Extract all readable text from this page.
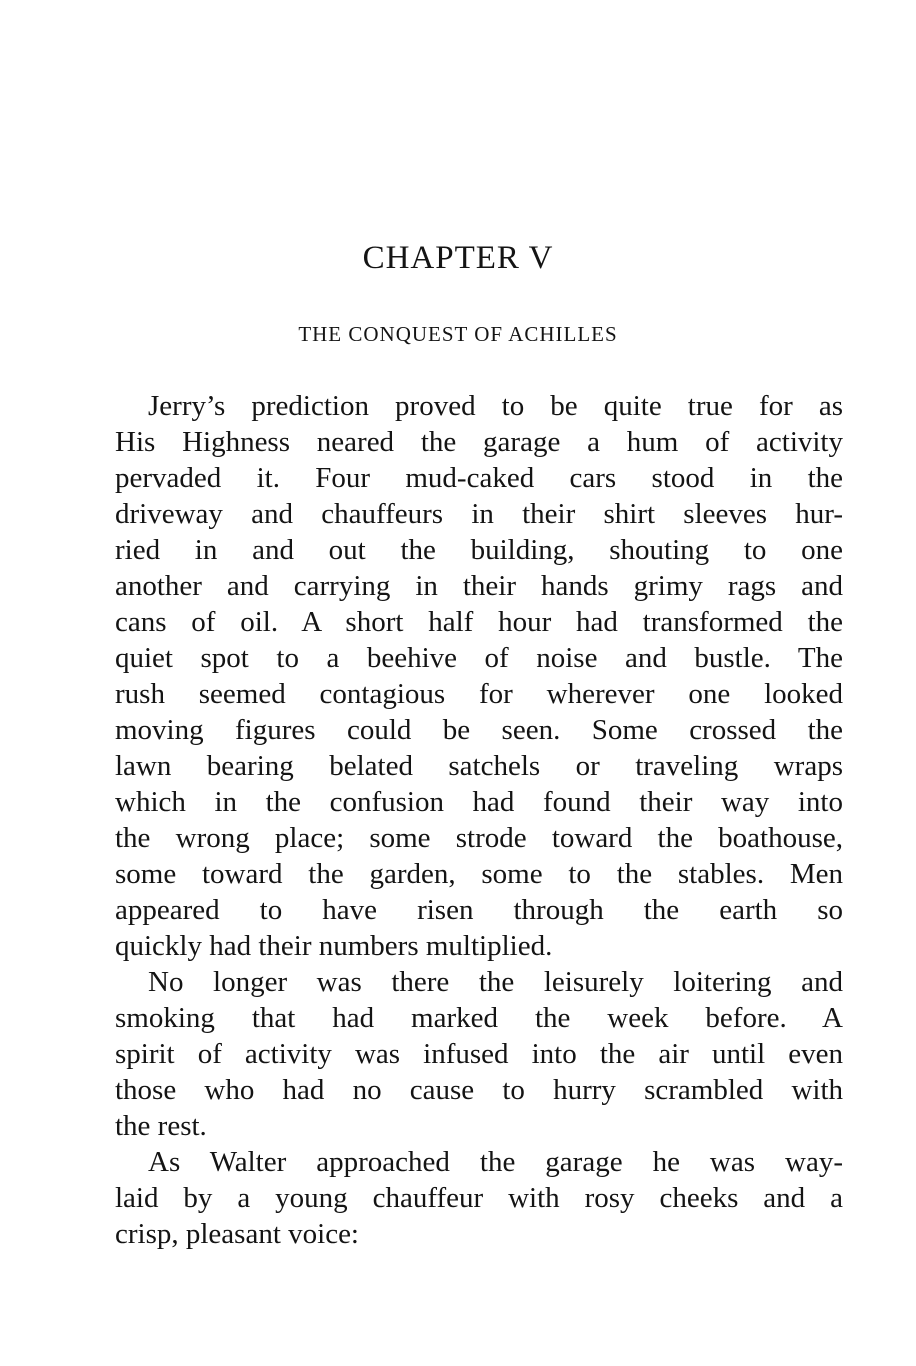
CHAPTER V
THE CONQUEST OF ACHILLES
Jerry’s prediction proved to be quite true for as
His Highness neared the garage a hum of activity
pervaded it. Four mud-caked cars stood in the
driveway and chauffeurs in their shirt sleeves hur-
ried in and out the building, shouting to one
another and carrying in their hands grimy rags and
cans of oil. A short half hour had transformed the
quiet spot to a beehive of noise and bustle. The
rush seemed contagious for wherever one looked
moving figures could be seen. Some crossed the
lawn bearing belated satchels or traveling wraps
which in the confusion had found their way into
the wrong place; some strode toward the boathouse,
some toward the garden, some to the stables. Men
appeared to have risen through the earth so
quickly had their numbers multiplied.
No longer was there the leisurely loitering and
smoking that had marked the week before. A
spirit of activity was infused into the air until even
those who had no cause to hurry scrambled with
the rest.
As Walter approached the garage he was way-
laid by a young chauffeur with rosy cheeks and a
crisp, pleasant voice:
